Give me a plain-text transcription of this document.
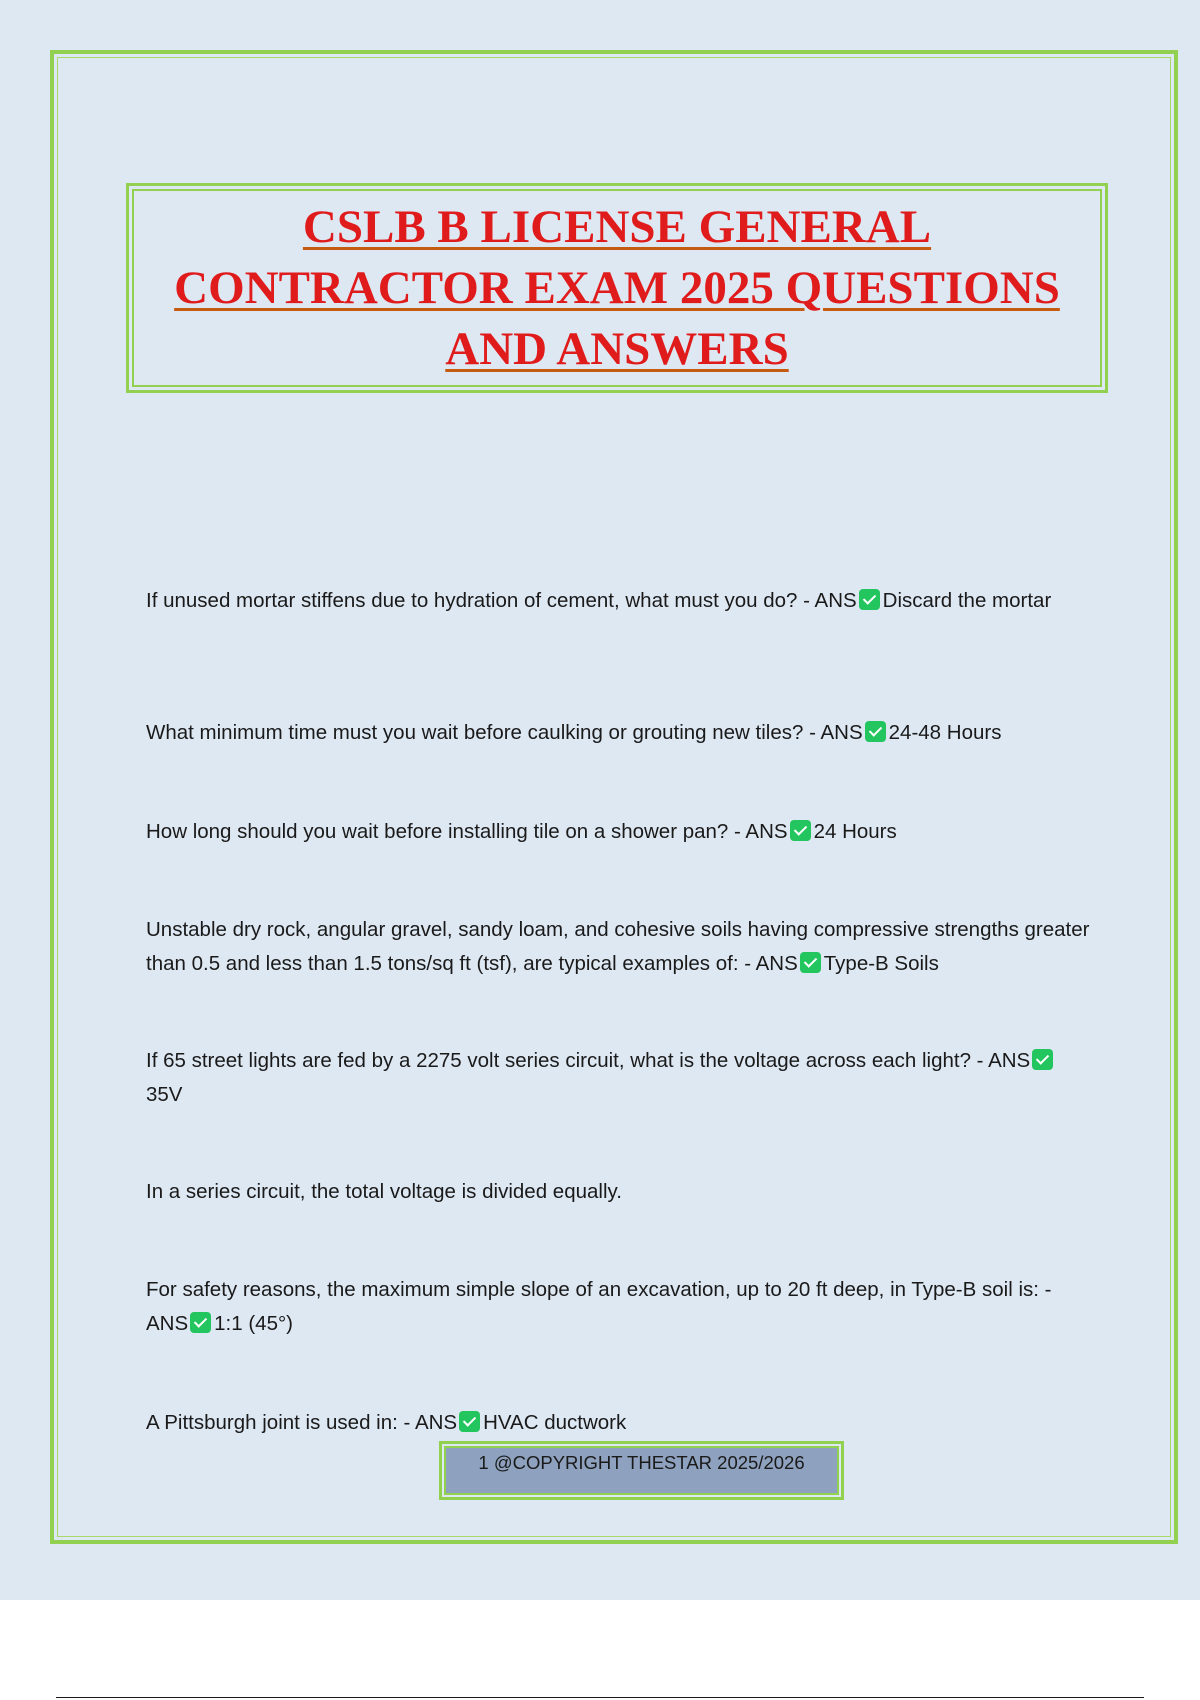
CSLB B LICENSE GENERAL
CONTRACTOR EXAM 2025 QUESTIONS
AND ANSWERS

If unused mortar stiffens due to hydration of cement, what must you do? - ANS Discard the mortar

What minimum time must you wait before caulking or grouting new tiles? - ANS 24-48 Hours

How long should you wait before installing tile on a shower pan? - ANS 24 Hours

Unstable dry rock, angular gravel, sandy loam, and cohesive soils having compressive strengths greater than 0.5 and less than 1.5 tons/sq ft (tsf), are typical examples of: - ANS Type-B Soils

If 65 street lights are fed by a 2275 volt series circuit, what is the voltage across each light? - ANS35V

In a series circuit, the total voltage is divided equally.

For safety reasons, the maximum simple slope of an excavation, up to 20 ft deep, in Type-B soil is: - ANS 1:1 (45°)

A Pittsburgh joint is used in: - ANS HVAC ductwork

1 @COPYRIGHT THESTAR 2025/2026
